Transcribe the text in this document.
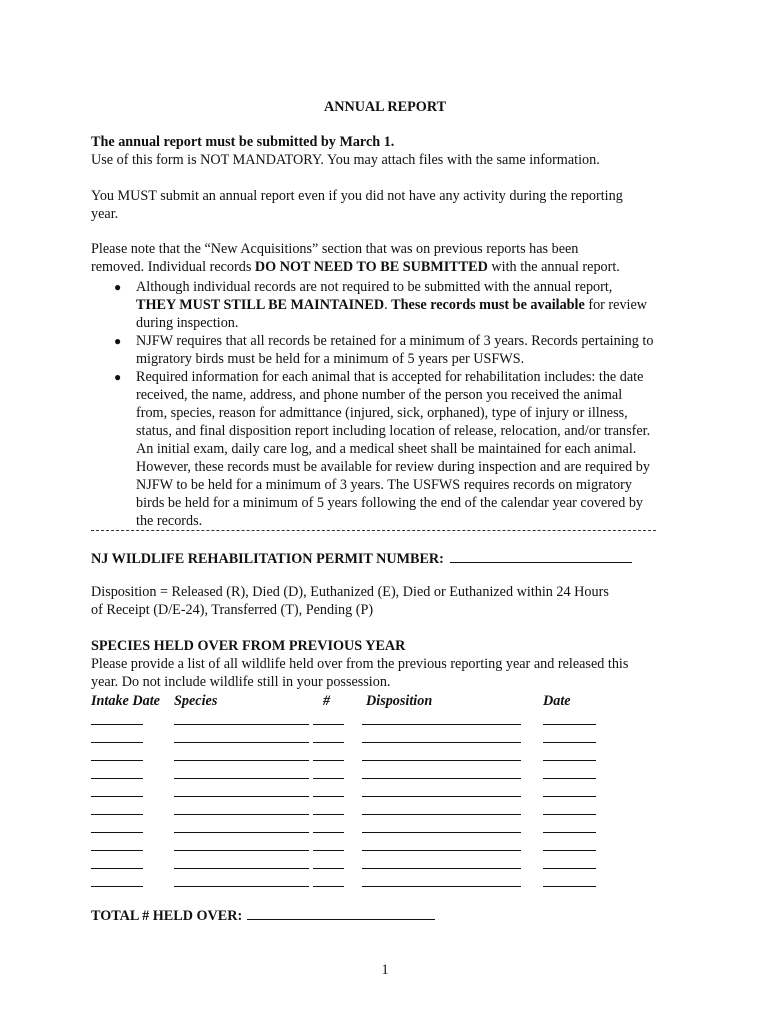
ANNUAL REPORT
The annual report must be submitted by March 1.
Use of this form is NOT MANDATORY. You may attach files with the same information.
You MUST submit an annual report even if you did not have any activity during the reporting
year.
Please note that the “New Acquisitions” section that was on previous reports has been
removed. Individual records DO NOT NEED TO BE SUBMITTED with the annual report.
● Although individual records are not required to be submitted with the annual report,
THEY MUST STILL BE MAINTAINED. These records must be available for review
during inspection.
● NJFW requires that all records be retained for a minimum of 3 years. Records pertaining to
migratory birds must be held for a minimum of 5 years per USFWS.
● Required information for each animal that is accepted for rehabilitation includes: the date
received, the name, address, and phone number of the person you received the animal
from, species, reason for admittance (injured, sick, orphaned), type of injury or illness,
status, and final disposition report including location of release, relocation, and/or transfer.
An initial exam, daily care log, and a medical sheet shall be maintained for each animal.
However, these records must be available for review during inspection and are required by
NJFW to be held for a minimum of 3 years. The USFWS requires records on migratory
birds be held for a minimum of 5 years following the end of the calendar year covered by
the records.
NJ WILDLIFE REHABILITATION PERMIT NUMBER:
Disposition = Released (R), Died (D), Euthanized (E), Died or Euthanized within 24 Hours
of Receipt (D/E-24), Transferred (T), Pending (P)
SPECIES HELD OVER FROM PREVIOUS YEAR
Please provide a list of all wildlife held over from the previous reporting year and released this
year. Do not include wildlife still in your possession.
Intake Date Species	#	Disposition	Date
TOTAL # HELD OVER:
1
